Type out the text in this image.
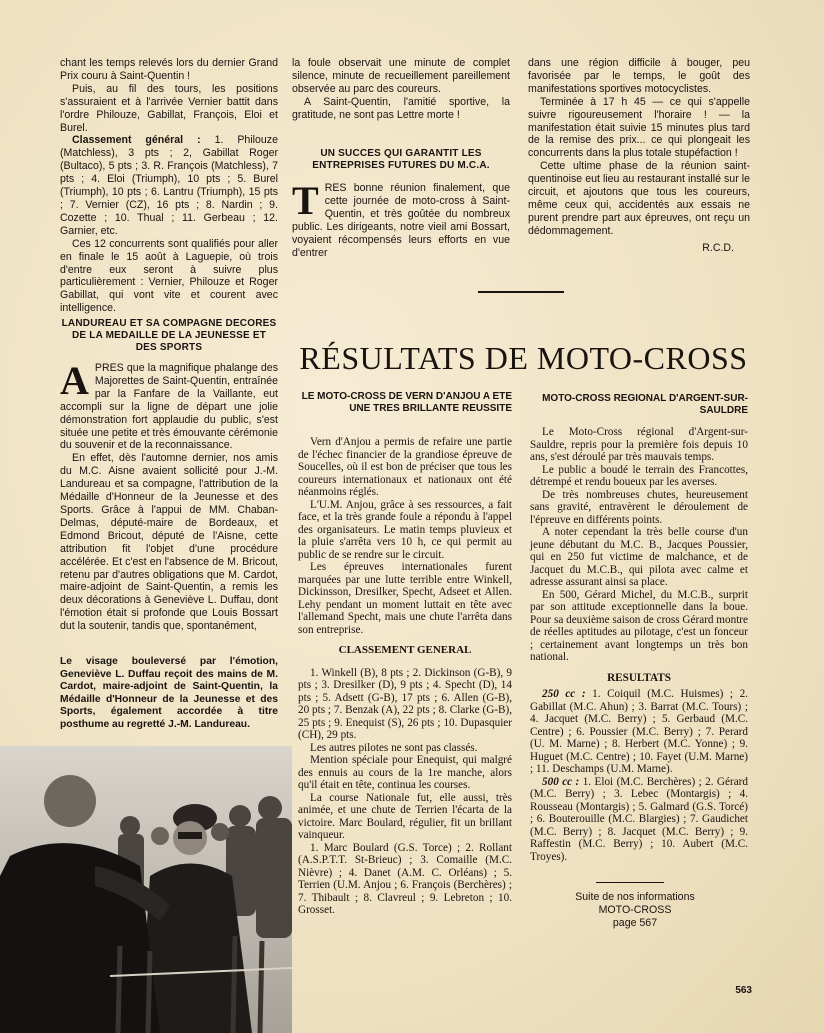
chant les temps relevés lors du dernier Grand Prix couru à Saint-Quentin !

Puis, au fil des tours, les positions s'assuraient et à l'arrivée Vernier battit dans l'ordre Philouze, Gabillat, François, Eloi et Burel.

Classement général : 1. Philouze (Matchless), 3 pts ; 2, Gabillat Roger (Bultaco), 5 pts ; 3. R. François (Matchless), 7 pts ; 4. Eloi (Triumph), 10 pts ; 5. Burel (Triumph), 10 pts ; 6. Lantru (Triumph), 15 pts ; 7. Vernier (CZ), 16 pts ; 8. Nardin ; 9. Cozette ; 10. Thual ; 11. Gerbeau ; 12. Garnier, etc.

Ces 12 concurrents sont qualifiés pour aller en finale le 15 août à Laguepie, où trois d'entre eux seront à suivre plus particulièrement : Vernier, Philouze et Roger Gabillat, qui vont vite et courent avec intelligence.

LANDUREAU ET SA COMPAGNE DECORES DE LA MEDAILLE DE LA JEUNESSE ET DES SPORTS

APRES que la magnifique phalange des Majorettes de Saint-Quentin, entraînée par la Fanfare de la Vaillante, eut accompli sur la ligne de départ une jolie démonstration fort applaudie du public, s'est située une petite et très émouvante cérémonie du souvenir et de la reconnaissance.

En effet, dès l'automne dernier, nos amis du M.C. Aisne avaient sollicité pour J.-M. Landureau et sa compagne, l'attribution de la Médaille d'Honneur de la Jeunesse et des Sports. Grâce à l'appui de MM. Chaban-Delmas, député-maire de Bordeaux, et Edmond Bricout, député de l'Aisne, cette attribution fit l'objet d'une procédure accélérée. Et c'est en l'absence de M. Bricout, retenu par d'autres obligations que M. Cardot, maire-adjoint de Saint-Quentin, a remis les deux décorations à Geneviève L. Duffau, dont l'émotion était si profonde que Louis Bossart dut la soutenir, tandis que, spontanément,

Le visage bouleversé par l'émotion, Geneviève L. Duffau reçoit des mains de M. Cardot, maire-adjoint de Saint-Quentin, la Médaille d'Honneur de la Jeunesse et des Sports, également accordée à titre posthume au regretté J.-M. Landureau.

la foule observait une minute de complet silence, minute de recueillement pareillement observée au parc des coureurs.

A Saint-Quentin, l'amitié sportive, la gratitude, ne sont pas Lettre morte !

UN SUCCES QUI GARANTIT LES ENTREPRISES FUTURES DU M.C.A.

TRES bonne réunion finalement, que cette journée de moto-cross à Saint-Quentin, et très goûtée du nombreux public. Les dirigeants, notre vieil ami Bossart, voyaient récompensés leurs efforts en vue d'entrer

dans une région difficile à bouger, peu favorisée par le temps, le goût des manifestations sportives motocyclistes.

Terminée à 17 h 45 — ce qui s'appelle suivre rigoureusement l'horaire ! — la manifestation était suivie 15 minutes plus tard de la remise des prix... ce qui plongeait les concurrents dans la plus totale stupéfaction !

Cette ultime phase de la réunion saint-quentinoise eut lieu au restaurant installé sur le circuit, et ajoutons que tous les coureurs, même ceux qui, accidentés aux essais ne purent prendre part aux épreuves, ont reçu un dédommagement.

R.C.D.

RÉSULTATS DE MOTO-CROSS
LE MOTO-CROSS DE VERN D'ANJOU A ETE UNE TRES BRILLANTE REUSSITE
MOTO-CROSS REGIONAL D'ARGENT-SUR-SAULDRE

Vern d'Anjou a permis de refaire une partie de l'échec financier de la grandiose épreuve de Soucelles, où il est bon de préciser que tous les coureurs internationaux et nationaux ont été néanmoins réglés.

L'U.M. Anjou, grâce à ses ressources, a fait face, et la très grande foule a répondu à l'appel des organisateurs. Le matin temps pluvieux et la pluie s'arrêta vers 10 h, ce qui permit au public de se rendre sur le circuit.

Les épreuves internationales furent marquées par une lutte terrible entre Winkell, Dickinsson, Dresilker, Specht, Adseet et Allen. Lehy pendant un moment luttait en tête avec l'allemand Specht, mais une chute l'arrêta dans son entreprise.

CLASSEMENT GENERAL

1. Winkell (B), 8 pts ; 2. Dickinson (G-B), 9 pts ; 3. Dresilker (D), 9 pts ; 4. Specht (D), 14 pts ; 5. Adsett (G-B), 17 pts ; 6. Allen (G-B), 20 pts ; 7. Benzak (A), 22 pts ; 8. Clarke (G-B), 25 pts ; 9. Enequist (S), 26 pts ; 10. Dupasquier (CH), 29 pts.

Les autres pilotes ne sont pas classés.

Mention spéciale pour Enequist, qui malgré des ennuis au cours de la 1re manche, alors qu'il était en tête, continua les courses.

La course Nationale fut, elle aussi, très animée, et une chute de Terrien l'écarta de la victoire. Marc Boulard, régulier, fit un brillant vainqueur.

1. Marc Boulard (G.S. Torce) ; 2. Rollant (A.S.P.T.T. St-Brieuc) ; 3. Comaille (M.C. Nièvre) ; 4. Danet (A.M. C. Orléans) ; 5. Terrien (U.M. Anjou ; 6. François (Berchères) ; 7. Thibault ; 8. Clavreul ; 9. Lebreton ; 10. Grosset.

Le Moto-Cross régional d'Argent-sur-Sauldre, repris pour la première fois depuis 10 ans, s'est déroulé par très mauvais temps.

Le public a boudé le terrain des Francottes, détrempé et rendu boueux par les averses.

De très nombreuses chutes, heureusement sans gravité, entravèrent le déroulement de l'épreuve en différents points.

A noter cependant la très belle course d'un jeune débutant du M.C. B., Jacques Poussier, qui en 250 fut victime de malchance, et de Jacquet du M.C.B., qui pilota avec calme et adresse assurant ainsi sa place.

En 500, Gérard Michel, du M.C.B., surprit par son attitude exceptionnelle dans la boue. Pour sa deuxième saison de cross Gérard montre de réelles aptitudes au pilotage, c'est un fonceur ; certainement avant longtemps un très bon national.

RESULTATS

250 cc : 1. Coiquil (M.C. Huismes) ; 2. Gabillat (M.C. Ahun) ; 3. Barrat (M.C. Tours) ; 4. Jacquet (M.C. Berry) ; 5. Gerbaud (M.C. Centre) ; 6. Poussier (M.C. Berry) ; 7. Perard (U. M. Marne) ; 8. Herbert (M.C. Yonne) ; 9. Huguet (M.C. Centre) ; 10. Fayet (U.M. Marne) ; 11. Deschamps (U.M. Marne).

500 cc : 1. Eloi (M.C. Berchères) ; 2. Gérard (M.C. Berry) ; 3. Lebec (Montargis) ; 4. Rousseau (Montargis) ; 5. Galmard (G.S. Torcé) ; 6. Bouterouille (M.C. Blargies) ; 7. Gaudichet (M.C. Berry) ; 8. Jacquet (M.C. Berry) ; 9. Raffestin (M.C. Berry) ; 10. Aubert (M.C. Troyes).

Suite de nos informations
MOTO-CROSS
page 567
563
